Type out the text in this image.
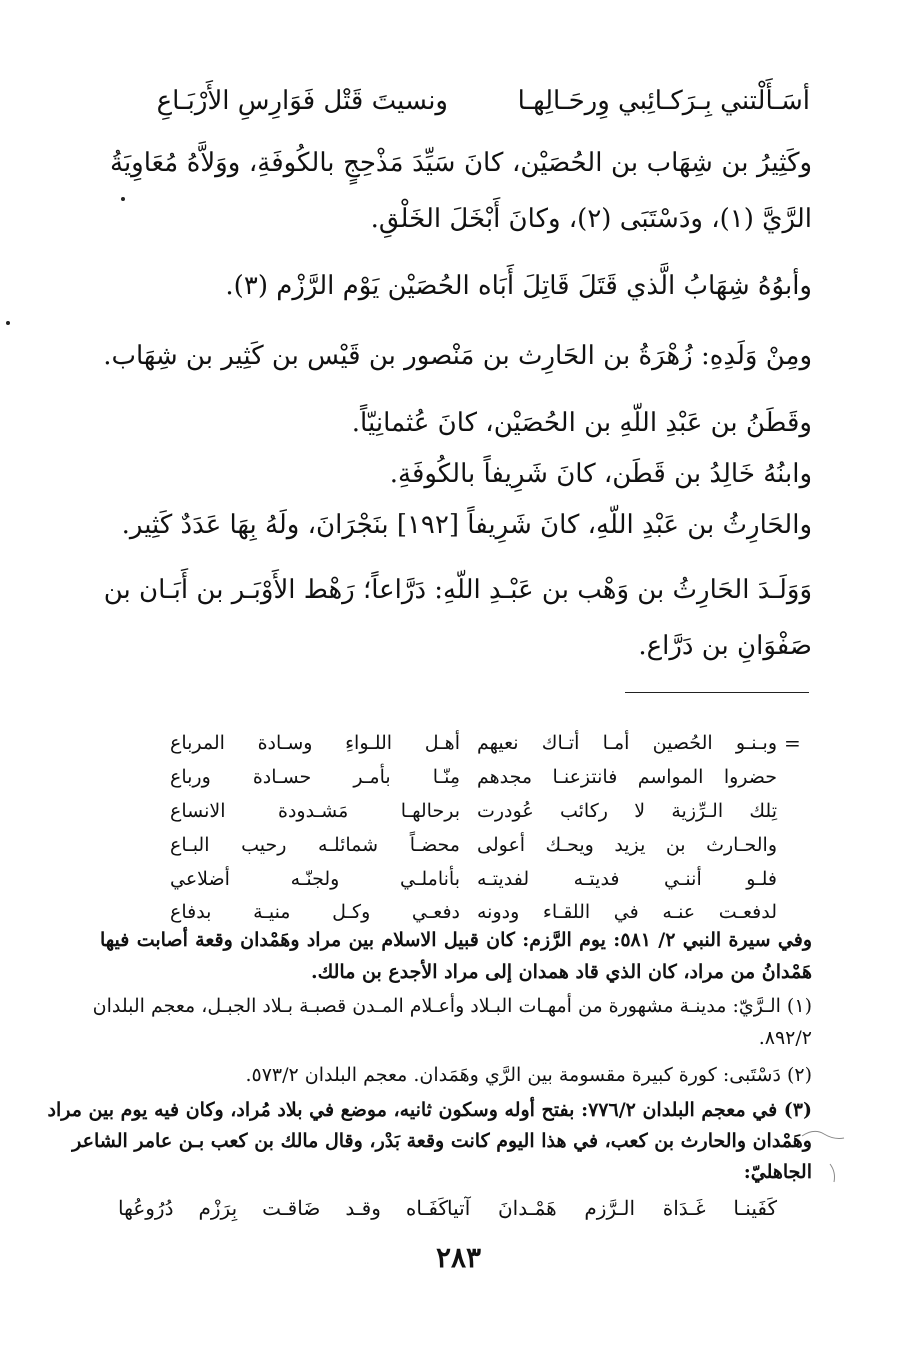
أسَـأَلْتني بِـرَكـائِبي وِرحَـالِهـا
ونسيتَ قَتْل فَوَارِسِ الأَرْبَـاعِ
وكَثِيرُ بن شِهَاب بن الحُصَيْن، كانَ سَيِّدَ مَذْحِجٍ بالكُوفَةِ، ووَلاَّهُ مُعَاوِيَةُ
الرَّيَّ (١)، ودَسْتَبَى (٢)، وكانَ أَبْخَلَ الخَلْقِ.
وأبوُهُ شِهَابُ الَّذي قَتَلَ قَاتِلَ أَبَاه الحُصَيْن يَوْم الرَّزْم (٣).
ومِنْ وَلَدِهِ: زُهْرَةُ بن الحَارِث بن مَنْصور بن قَيْس بن كَثِير بن شِهَاب.
وقَطَنُ بن عَبْدِ اللّهِ بن الحُصَيْن، كانَ عُثمانِيّاً.
وابنُهُ خَالِدُ بن قَطَن، كانَ شَرِيفاً بالكُوفَةِ.
والحَارِثُ بن عَبْدِ اللّهِ، كانَ شَرِيفاً [١٩٢] بنَجْرَانَ، ولَهُ بِهَا عَدَدٌ كَثِير.
وَوَلَـدَ الحَارِثُ بن وَهْب بن عَبْـدِ اللّهِ: دَرَّاعاً؛ رَهْط الأَوْبَـر بن أَبَـان بن
صَفْوَانِ بن دَرَّاع.
=
وبـنـو الحُصين أمـا أتـاك نعيهم
أهـل اللـواءِ وسـادة المرباع
حضروا المواسم فانتزعنـا مجدهم
مِنّـا بأمـر حسـادة ورباع
تِلك الـرِّزية لا ركائب عُودرت
برحالهـا مَشـدودة الانساع
والحـارث بن يزيد ويحـك أعولى
محضـاً شمائلـه رحيب البـاع
فلـو أننـي فديتـه لفديتـه
بأناملـي ولجنّـه أضلاعي
لدفعـت عنـه في اللقـاء ودونه
دفعـي وكـل منيـة بدفاع
وفي سيرة النبي ٢/ ٥٨١: يوم الرَّزم: كان قبيل الاسلام بين مراد وهَمْدان وقعة أصابت فيها
هَمْدانُ من مراد، كان الذي قاد همدان إلى مراد الأجدع بن مالك.
(١) الـرَّيّ: مدينـة مشهورة من أمهـات البـلاد وأعـلام المـدن قصبـة بـلاد الجبـل، معجم البلدان
٨٩٢/٢.
(٢) دَسْتَبى: كورة كبيرة مقسومة بين الرَّي وهَمَدان. معجم البلدان ٥٧٣/٢.
(٣) في معجم البلدان ٧٧٦/٢: بفتح أوله وسكون ثانيه، موضع في بلاد مُراد، وكان فيه يوم بين مراد
وهَمْدان والحارث بن كعب، في هذا اليوم كانت وقعة بَدْر، وقال مالك بن كعب بـن عامر الشاعر
الجاهليّ:
كَفَينـا غَـدَاة الـرَّزم هَمْـدانَ آتيا
كَفَـاه وقـد ضَاقـت بِرَزْم دُرُوعُها
٢٨٣
